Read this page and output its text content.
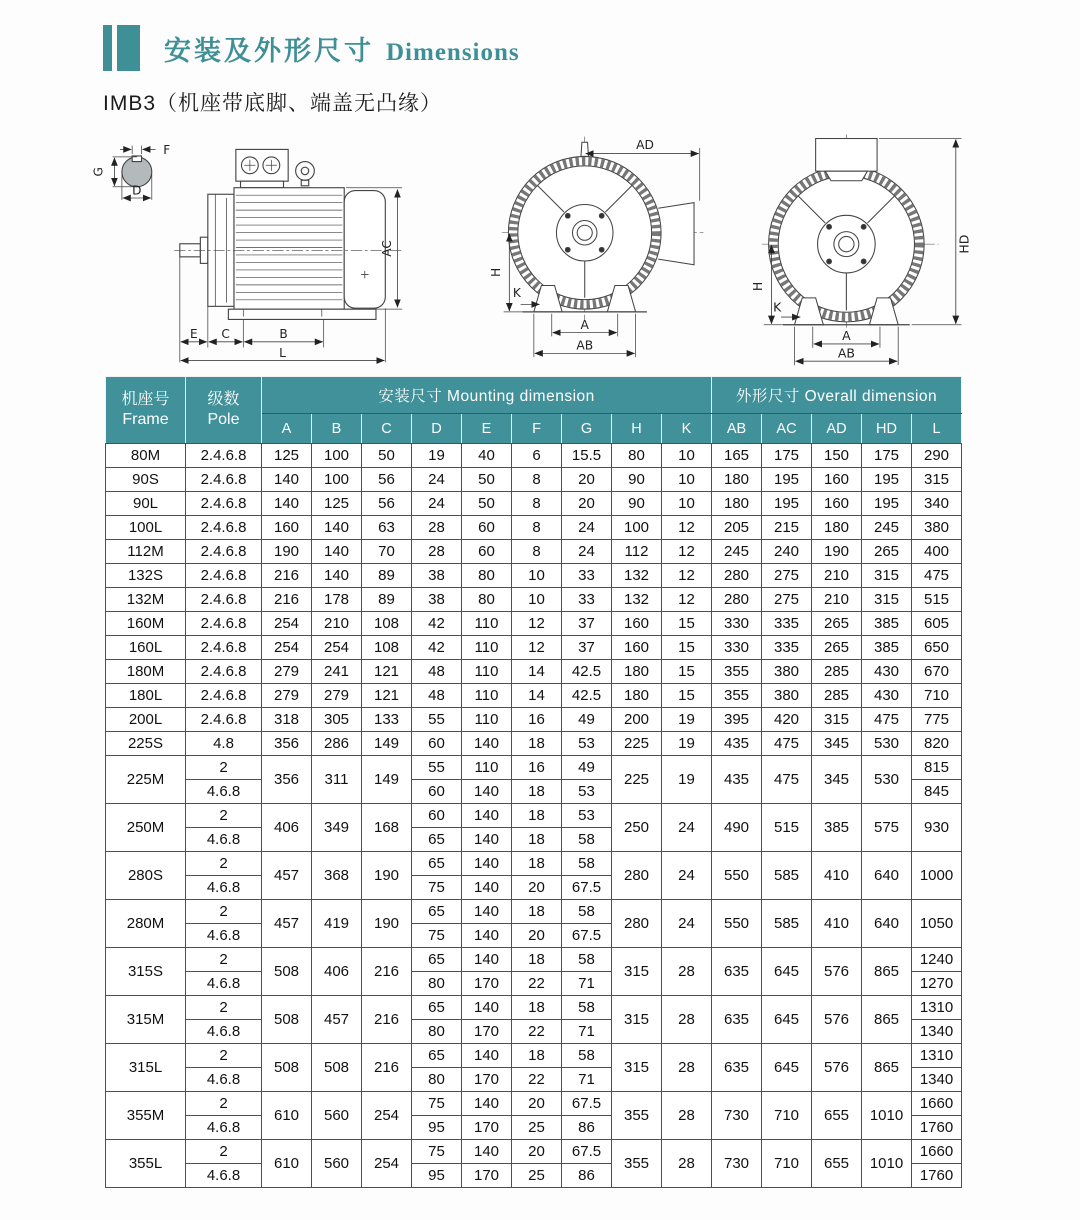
安装及外形尺寸 Dimensions
IMB3（机座带底脚、端盖无凸缘）
F
G
D
AC
E C	B
L
AD
H
K
A
AB
HD
H
K
A
AB
机座号
Frame	级数
Pole	安装尺寸 Mounting dimension									外形尺寸 Overall dimension				
		A	B	C	D	E	F	G	H	K	AB	AC	AD	HD	L
80M	2.4.6.8	125	100	50	19	40	6	15.5	80	10	165	175	150	175	290
90S	2.4.6.8	140	100	56	24	50	8	20	90	10	180	195	160	195	315
90L	2.4.6.8	140	125	56	24	50	8	20	90	10	180	195	160	195	340
100L	2.4.6.8	160	140	63	28	60	8	24	100	12	205	215	180	245	380
112M	2.4.6.8	190	140	70	28	60	8	24	112	12	245	240	190	265	400
132S	2.4.6.8	216	140	89	38	80	10	33	132	12	280	275	210	315	475
132M	2.4.6.8	216	178	89	38	80	10	33	132	12	280	275	210	315	515
160M	2.4.6.8	254	210	108	42	110	12	37	160	15	330	335	265	385	605
160L	2.4.6.8	254	254	108	42	110	12	37	160	15	330	335	265	385	650
180M	2.4.6.8	279	241	121	48	110	14	42.5	180	15	355	380	285	430	670
180L	2.4.6.8	279	279	121	48	110	14	42.5	180	15	355	380	285	430	710
200L	2.4.6.8	318	305	133	55	110	16	49	200	19	395	420	315	475	775
225S	4.8	356	286	149	60	140	18	53	225	19	435	475	345	530	820
225M	2	356	311	149	55	110	16	49	225	19	435	475	345	530	815
	4.6.8				60	140	18	53							845
250M	2	406	349	168	60	140	18	53	250	24	490	515	385	575	930
	4.6.8				65	140	18	58							
280S	2	457	368	190	65	140	18	58	280	24	550	585	410	640	1000
	4.6.8				75	140	20	67.5							
280M	2	457	419	190	65	140	18	58	280	24	550	585	410	640	1050
	4.6.8				75	140	20	67.5							
315S	2	508	406	216	65	140	18	58	315	28	635	645	576	865	1240
	4.6.8				80	170	22	71							1270
315M	2	508	457	216	65	140	18	58	315	28	635	645	576	865	1310
	4.6.8				80	170	22	71							1340
315L	2	508	508	216	65	140	18	58	315	28	635	645	576	865	1310
	4.6.8				80	170	22	71							1340
355M	2	610	560	254	75	140	20	67.5	355	28	730	710	655	1010	1660
	4.6.8				95	170	25	86							1760
355L	2	610	560	254	75	140	20	67.5	355	28	730	710	655	1010	1660
	4.6.8				95	170	25	86							1760
